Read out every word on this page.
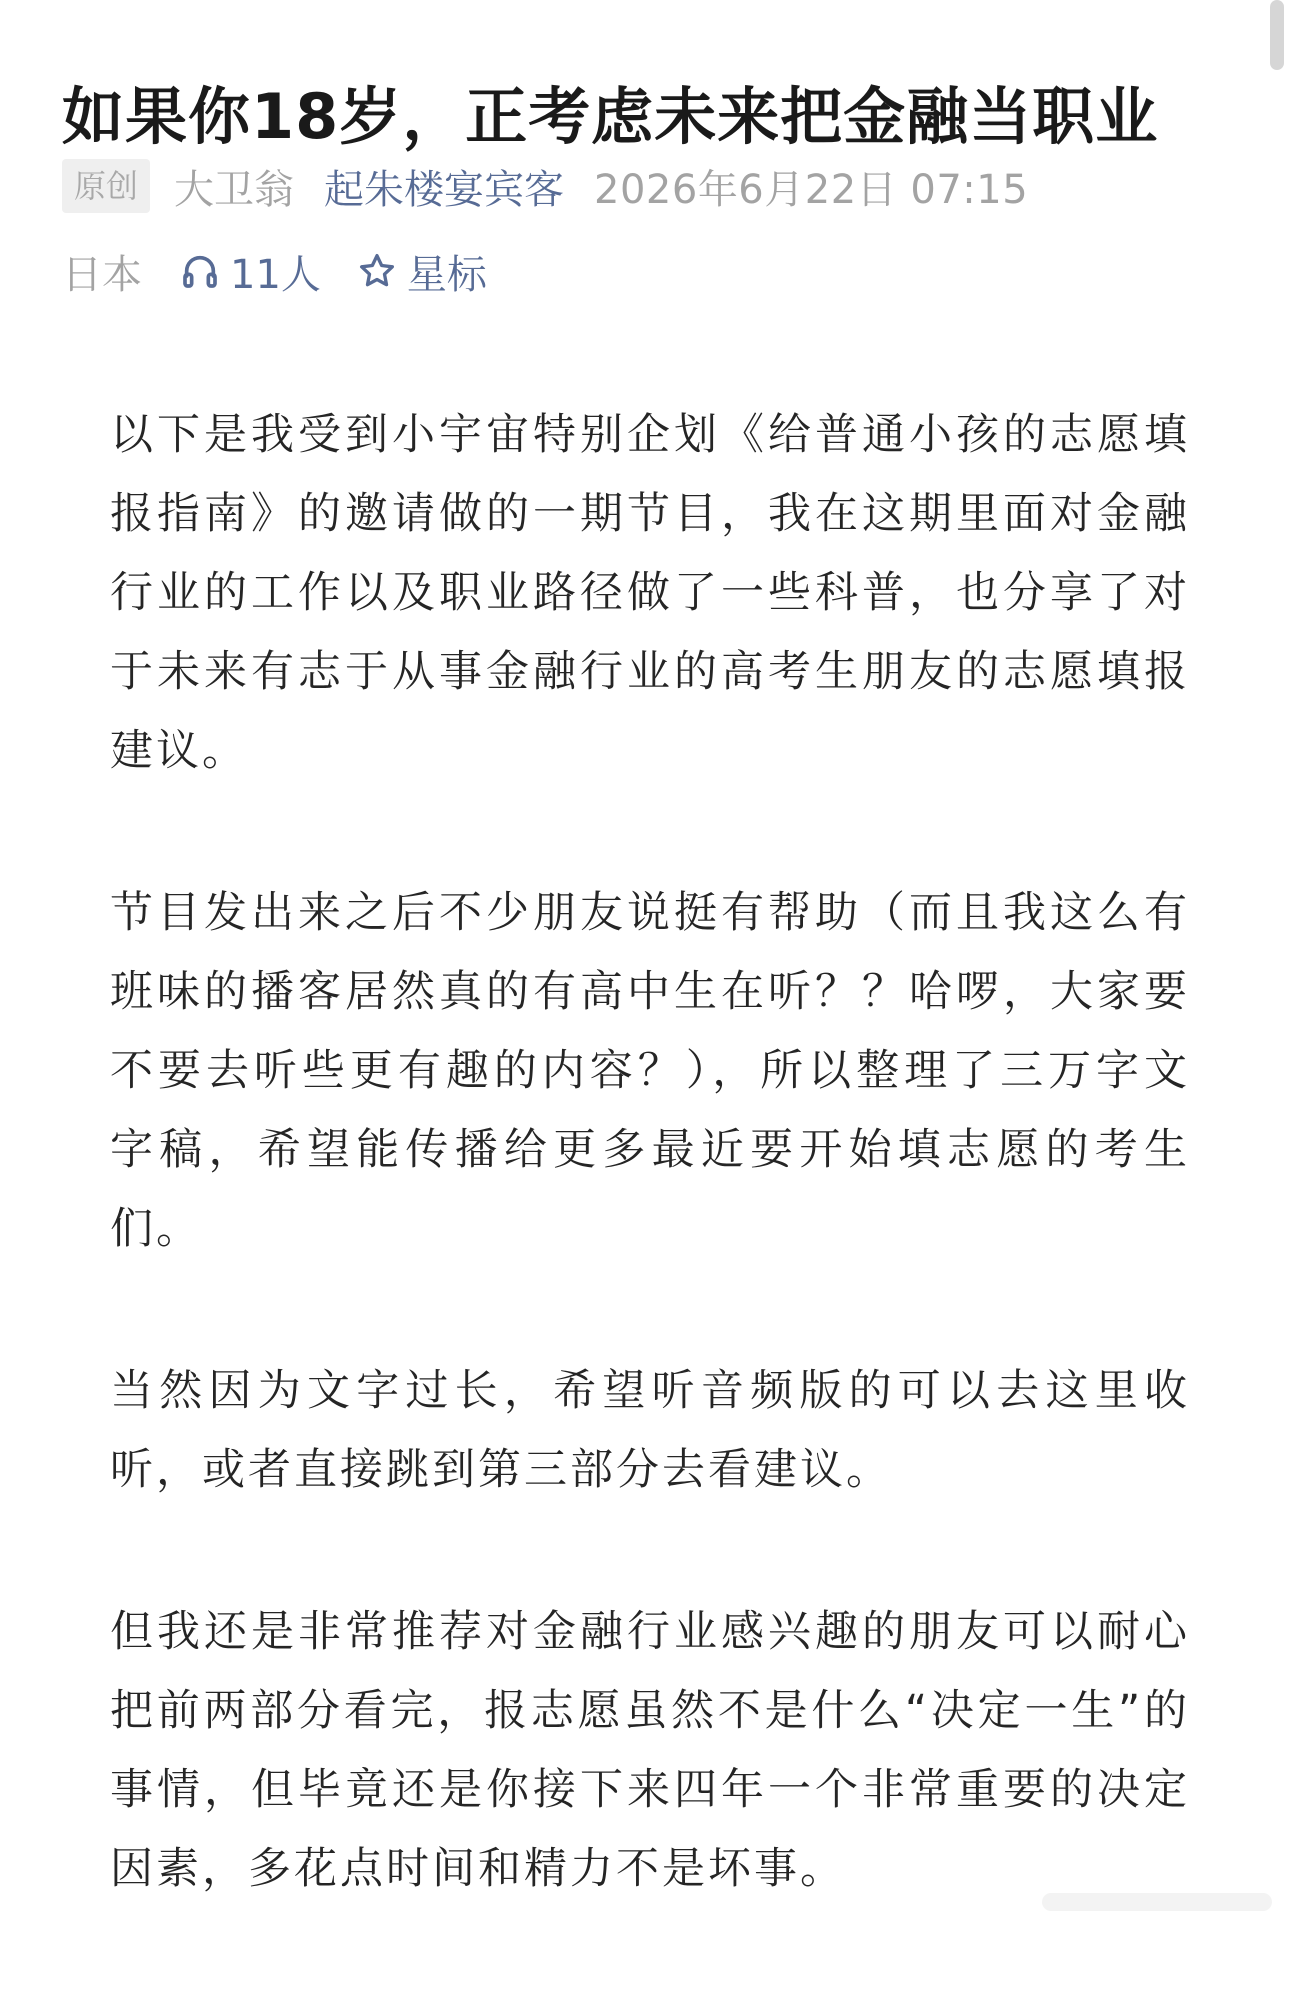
如果你18岁，正考虑未来把金融当职业
原创 大卫翁 起朱楼宴宾客 2026年6月22日 07:15
日本 11人 星标

以下是我受到小宇宙特别企划《给普通小孩的志愿填报指南》的邀请做的一期节目，我在这期里面对金融行业的工作以及职业路径做了一些科普，也分享了对于未来有志于从事金融行业的高考生朋友的志愿填报建议。

节目发出来之后不少朋友说挺有帮助（而且我这么有班味的播客居然真的有高中生在听？？哈啰，大家要不要去听些更有趣的内容？），所以整理了三万字文字稿，希望能传播给更多最近要开始填志愿的考生们。

当然因为文字过长，希望听音频版的可以去这里收听，或者直接跳到第三部分去看建议。

但我还是非常推荐对金融行业感兴趣的朋友可以耐心把前两部分看完，报志愿虽然不是什么“决定一生”的事情，但毕竟还是你接下来四年一个非常重要的决定因素，多花点时间和精力不是坏事。
